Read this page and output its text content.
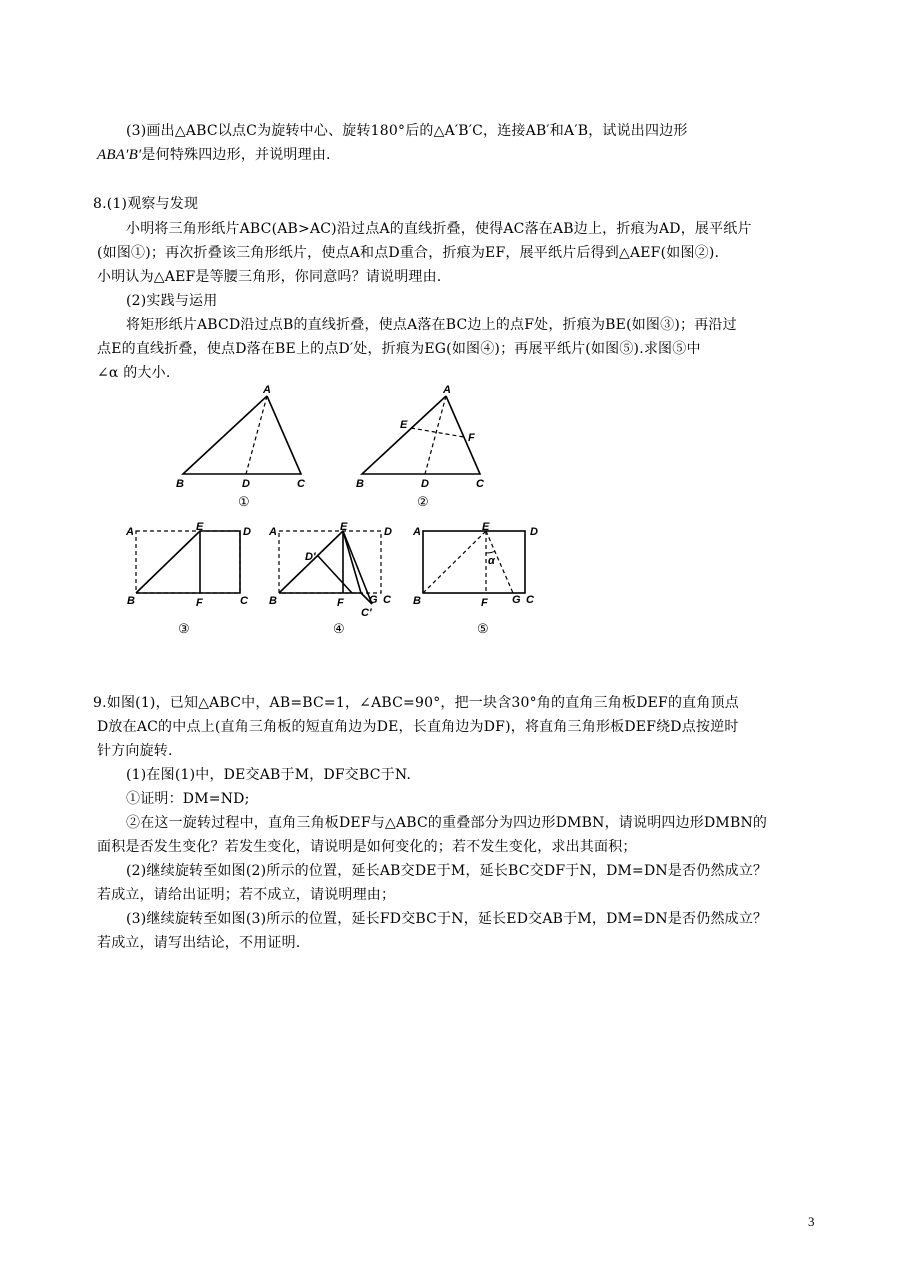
(3)画出△ABC以点C为旋转中心、旋转180°后的△A′B′C，连接AB′和A′B，试说出四边形
ABA′B′是何特殊四边形，并说明理由.
8.(1)观察与发现
小明将三角形纸片ABC(AB>AC)沿过点A的直线折叠，使得AC落在AB边上，折痕为AD，展平纸片
(如图①)；再次折叠该三角形纸片，使点A和点D重合，折痕为EF，展平纸片后得到△AEF(如图②).
小明认为△AEF是等腰三角形，你同意吗？请说明理由.
(2)实践与运用
将矩形纸片ABCD沿过点B的直线折叠，使点A落在BC边上的点F处，折痕为BE(如图③)；再沿过
点E的直线折叠，使点D落在BE上的点D′处，折痕为EG(如图④)；再展平纸片(如图⑤).求图⑤中
∠α 的大小.
A
B	D	C
A
E
F
B	D	C
A	E	D
B	F	C
A	E	D
D′
B	F G C
C′
A	E	D
α
B	F G C
①	②
③	④	⑤
9.如图(1)，已知△ABC中，AB=BC=1，∠ABC=90°，把一块含30°角的直角三角板DEF的直角顶点
D放在AC的中点上(直角三角板的短直角边为DE，长直角边为DF)，将直角三角形板DEF绕D点按逆时
针方向旋转.
(1)在图(1)中，DE交AB于M，DF交BC于N.
①证明：DM=ND;
②在这一旋转过程中，直角三角板DEF与△ABC的重叠部分为四边形DMBN，请说明四边形DMBN的
面积是否发生变化？若发生变化，请说明是如何变化的；若不发生变化，求出其面积；
(2)继续旋转至如图(2)所示的位置，延长AB交DE于M，延长BC交DF于N，DM=DN是否仍然成立？
若成立，请给出证明；若不成立，请说明理由；
(3)继续旋转至如图(3)所示的位置，延长FD交BC于N，延长ED交AB于M，DM=DN是否仍然成立？
若成立，请写出结论，不用证明.
3
